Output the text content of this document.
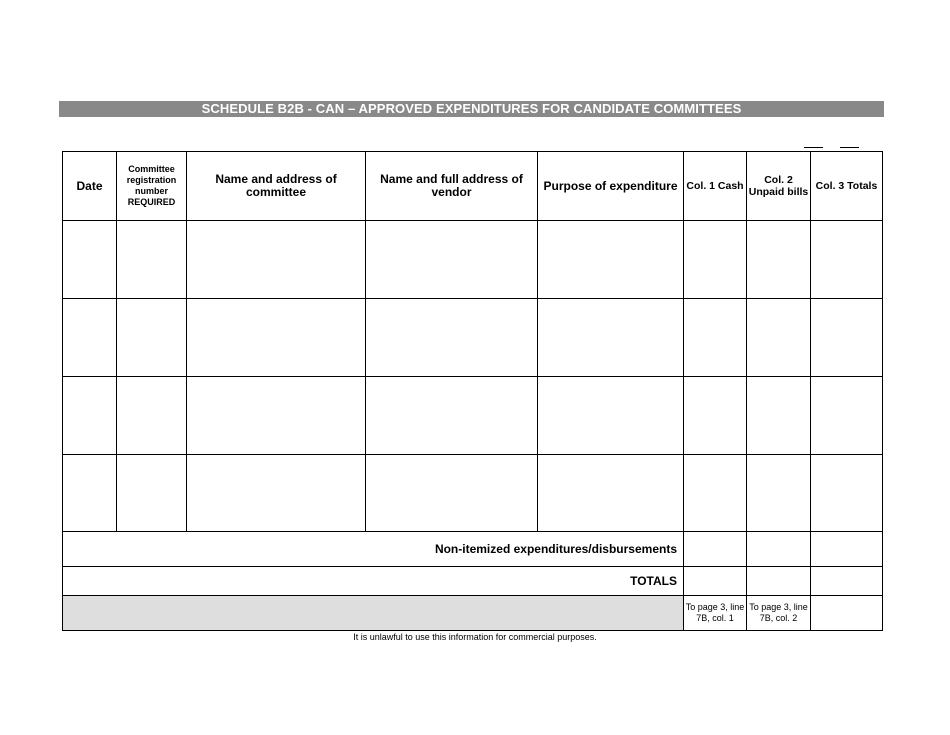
SCHEDULE B2B - CAN – APPROVED EXPENDITURES FOR CANDIDATE COMMITTEES
Date	Committee registration number REQUIRED	Name and address of committee	Name and full address of vendor	Purpose of expenditure	Col. 1 Cash	Col. 2 Unpaid bills	Col. 3 Totals

Non-itemized expenditures/disbursements							
TOTALS							
					To page 3, line 7B, col. 1	To page 3, line 7B, col. 2	
It is unlawful to use this information for commercial purposes.
